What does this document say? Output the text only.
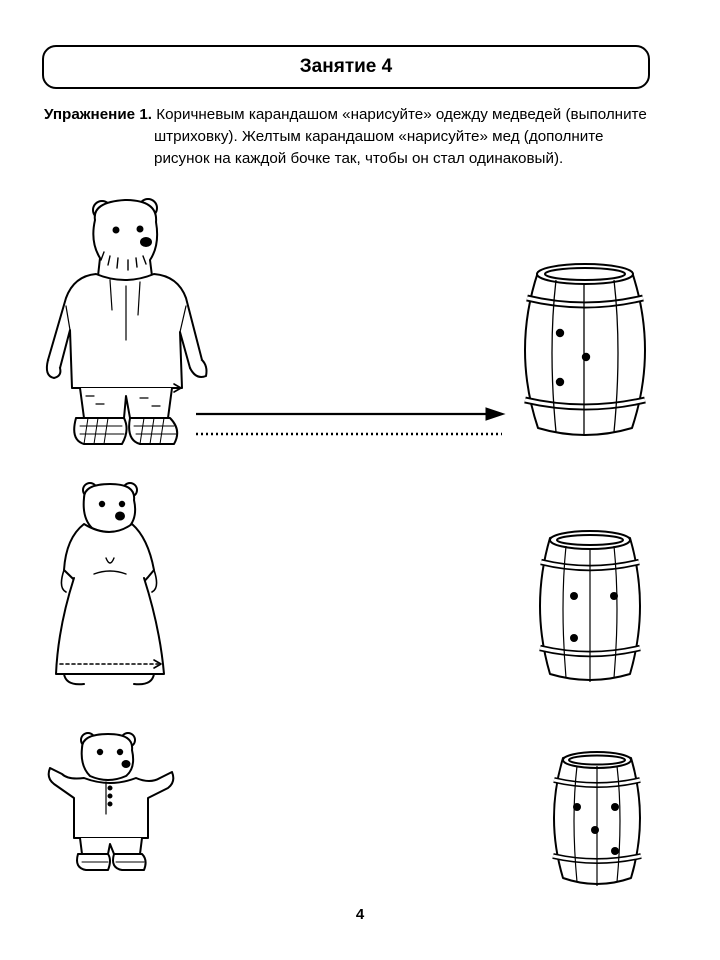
Занятие 4

Упражнение 1. Коричневым карандашом «нарисуйте» одежду медведей (выполните штриховку). Желтым карандашом «нарисуйте» мед (дополните рисунок на каждой бочке так, чтобы он стал одинаковый).

4
